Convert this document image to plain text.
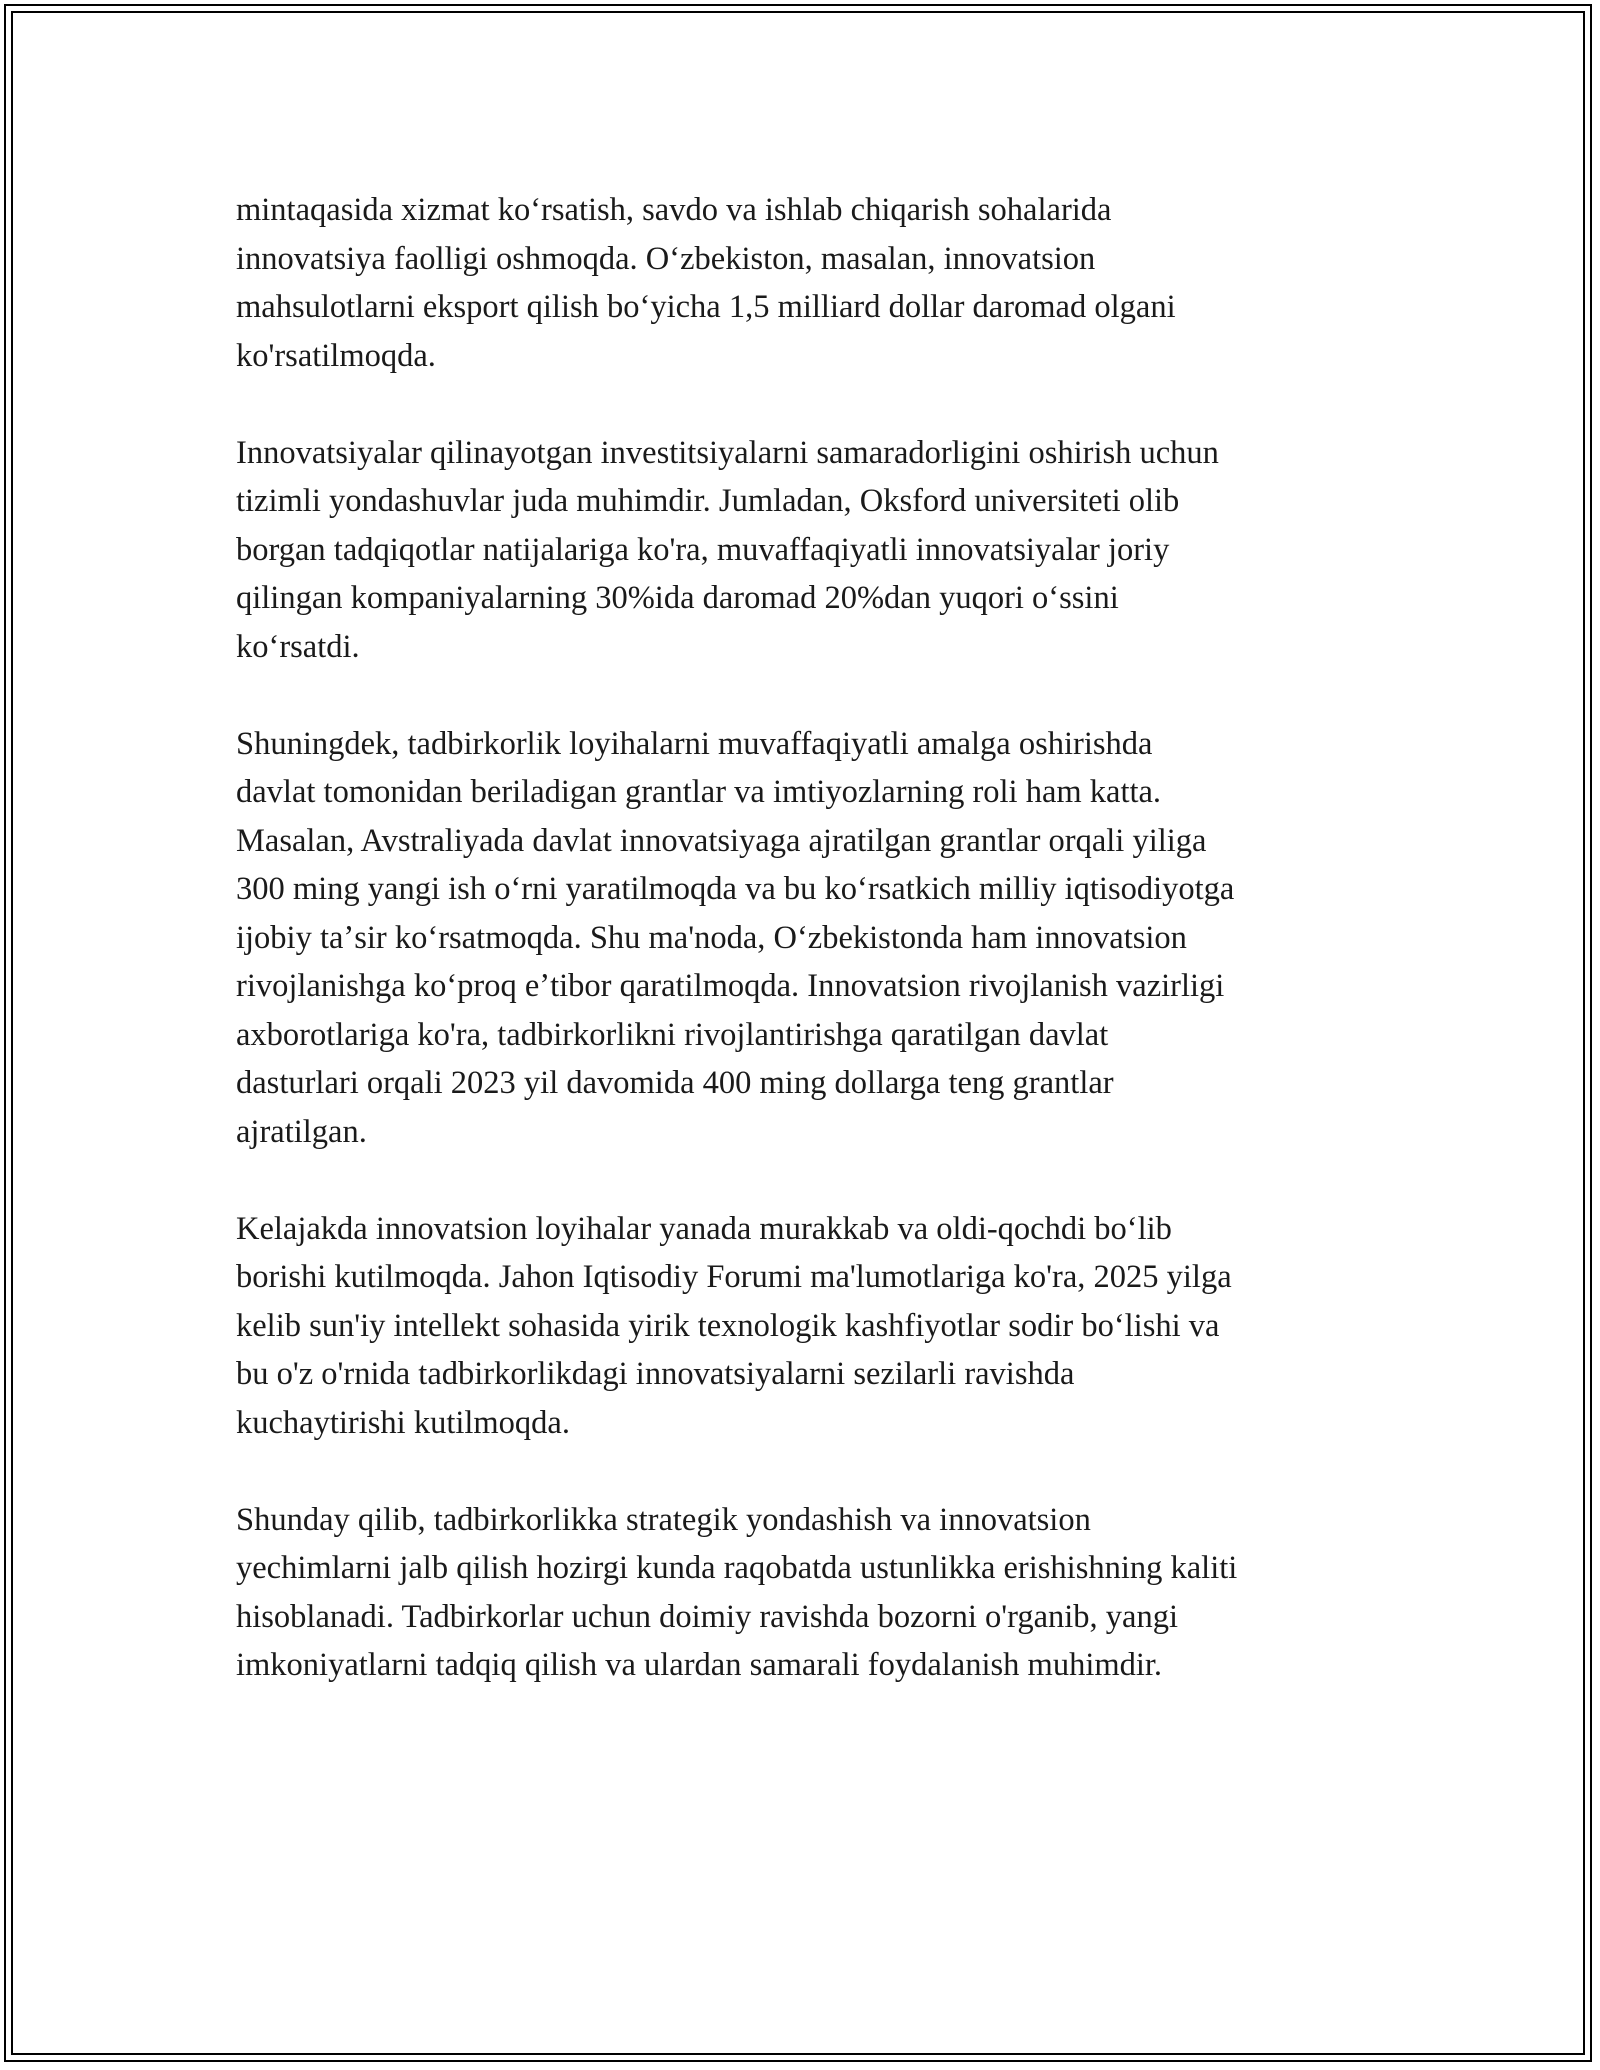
mintaqasida xizmat koʻrsatish, savdo va ishlab chiqarish sohalarida
innovatsiya faolligi oshmoqda. Oʻzbekiston, masalan, innovatsion
mahsulotlarni eksport qilish boʻyicha 1,5 milliard dollar daromad olgani
ko'rsatilmoqda.

Innovatsiyalar qilinayotgan investitsiyalarni samaradorligini oshirish uchun
tizimli yondashuvlar juda muhimdir. Jumladan, Oksford universiteti olib
borgan tadqiqotlar natijalariga ko'ra, muvaffaqiyatli innovatsiyalar joriy
qilingan kompaniyalarning 30%ida daromad 20%dan yuqori oʻssini
koʻrsatdi.

Shuningdek, tadbirkorlik loyihalarni muvaffaqiyatli amalga oshirishda
davlat tomonidan beriladigan grantlar va imtiyozlarning roli ham katta.
Masalan, Avstraliyada davlat innovatsiyaga ajratilgan grantlar orqali yiliga
300 ming yangi ish oʻrni yaratilmoqda va bu koʻrsatkich milliy iqtisodiyotga
ijobiy taʼsir koʻrsatmoqda. Shu ma'noda, Oʻzbekistonda ham innovatsion
rivojlanishga koʻproq eʼtibor qaratilmoqda. Innovatsion rivojlanish vazirligi
axborotlariga ko'ra, tadbirkorlikni rivojlantirishga qaratilgan davlat
dasturlari orqali 2023 yil davomida 400 ming dollarga teng grantlar
ajratilgan.

Kelajakda innovatsion loyihalar yanada murakkab va oldi-qochdi boʻlib
borishi kutilmoqda. Jahon Iqtisodiy Forumi ma'lumotlariga ko'ra, 2025 yilga
kelib sun'iy intellekt sohasida yirik texnologik kashfiyotlar sodir boʻlishi va
bu o'z o'rnida tadbirkorlikdagi innovatsiyalarni sezilarli ravishda
kuchaytirishi kutilmoqda.

Shunday qilib, tadbirkorlikka strategik yondashish va innovatsion
yechimlarni jalb qilish hozirgi kunda raqobatda ustunlikka erishishning kaliti
hisoblanadi. Tadbirkorlar uchun doimiy ravishda bozorni o'rganib, yangi
imkoniyatlarni tadqiq qilish va ulardan samarali foydalanish muhimdir.
